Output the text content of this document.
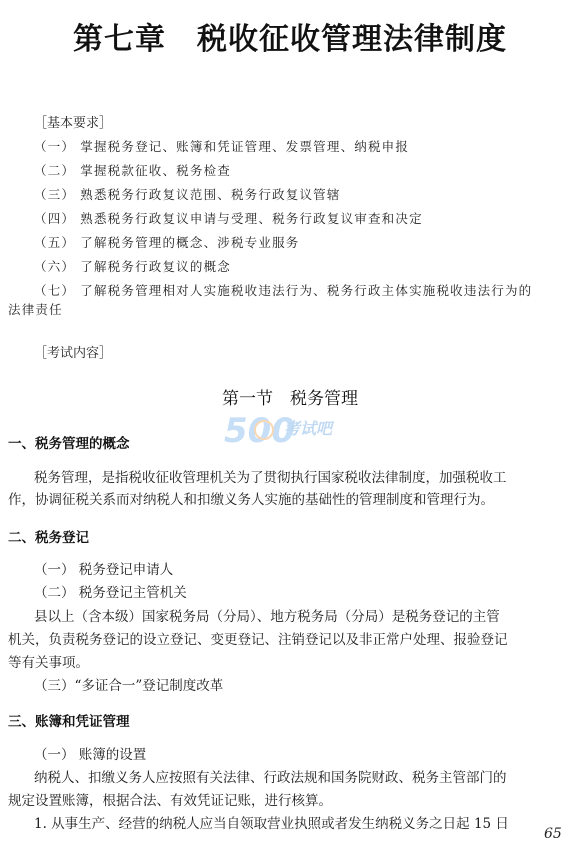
第七章　税收征收管理法律制度
［基本要求］
（一） 掌握税务登记、账簿和凭证管理、发票管理、纳税申报
（二） 掌握税款征收、税务检查
（三） 熟悉税务行政复议范围、税务行政复议管辖
（四） 熟悉税务行政复议申请与受理、税务行政复议审查和决定
（五） 了解税务管理的概念、涉税专业服务
（六） 了解税务行政复议的概念
（七） 了解税务管理相对人实施税收违法行为、税务行政主体实施税收违法行为的
法律责任
［考试内容］
第一节　税务管理
500
考试吧
一、税务管理的概念
税务管理，是指税收征收管理机关为了贯彻执行国家税收法律制度，加强税收工
作，协调征税关系而对纳税人和扣缴义务人实施的基础性的管理制度和管理行为。
二、税务登记
（一） 税务登记申请人
（二） 税务登记主管机关
县以上（含本级）国家税务局（分局）、地方税务局（分局）是税务登记的主管
机关，负责税务登记的设立登记、变更登记、注销登记以及非正常户处理、报验登记
等有关事项。
（三）“多证合一”登记制度改革
三、账簿和凭证管理
（一） 账簿的设置
纳税人、扣缴义务人应按照有关法律、行政法规和国务院财政、税务主管部门的
规定设置账簿，根据合法、有效凭证记账，进行核算。
1. 从事生产、经营的纳税人应当自领取营业执照或者发生纳税义务之日起 15 日
65
